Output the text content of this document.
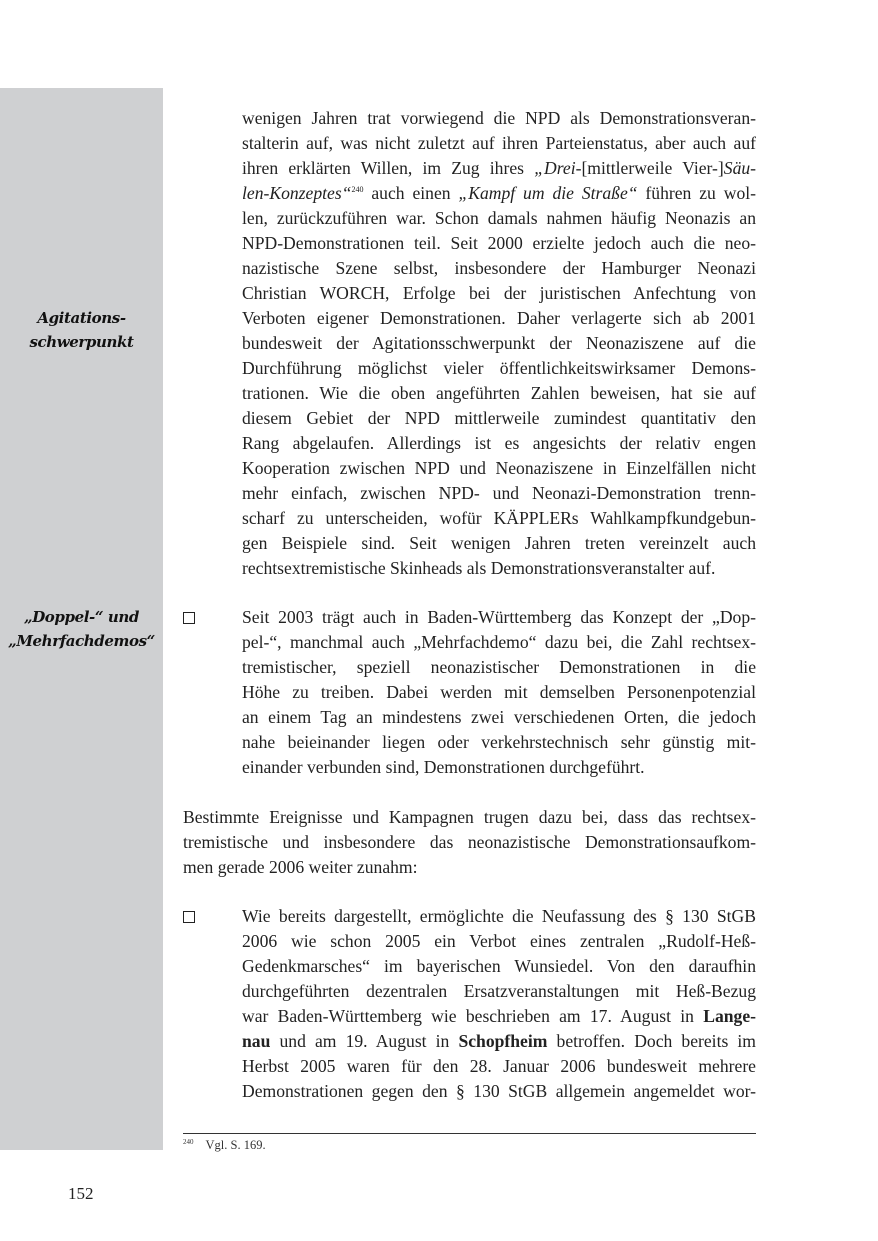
Agitations-
schwerpunkt
„Doppel-“ und
„Mehrfachdemos“
wenigen Jahren trat vorwiegend die NPD als Demonstrationsveran-
stalterin auf, was nicht zuletzt auf ihren Parteienstatus, aber auch auf
ihren erklärten Willen, im Zug ihres „Drei-[mittlerweile Vier-]Säu-
len-Konzeptes“$^{240}$ auch einen „Kampf um die Straße“ führen zu wol-
len, zurückzuführen war. Schon damals nahmen häufig Neonazis an
NPD-Demonstrationen teil. Seit 2000 erzielte jedoch auch die neo-
nazistische Szene selbst, insbesondere der Hamburger Neonazi
Christian WORCH, Erfolge bei der juristischen Anfechtung von
Verboten eigener Demonstrationen. Daher verlagerte sich ab 2001
bundesweit der Agitationsschwerpunkt der Neonaziszene auf die
Durchführung möglichst vieler öffentlichkeitswirksamer Demons-
trationen. Wie die oben angeführten Zahlen beweisen, hat sie auf
diesem Gebiet der NPD mittlerweile zumindest quantitativ den
Rang abgelaufen. Allerdings ist es angesichts der relativ engen
Kooperation zwischen NPD und Neonaziszene in Einzelfällen nicht
mehr einfach, zwischen NPD- und Neonazi-Demonstration trenn-
scharf zu unterscheiden, wofür KÄPPLERs Wahlkampfkundgebun-
gen Beispiele sind. Seit wenigen Jahren treten vereinzelt auch
rechtsextremistische Skinheads als Demonstrationsveranstalter auf.
Seit 2003 trägt auch in Baden-Württemberg das Konzept der „Dop-
pel-“, manchmal auch „Mehrfachdemo“ dazu bei, die Zahl rechtsex-
tremistischer, speziell neonazistischer Demonstrationen in die
Höhe zu treiben. Dabei werden mit demselben Personenpotenzial
an einem Tag an mindestens zwei verschiedenen Orten, die jedoch
nahe beieinander liegen oder verkehrstechnisch sehr günstig mit-
einander verbunden sind, Demonstrationen durchgeführt.
Bestimmte Ereignisse und Kampagnen trugen dazu bei, dass das rechtsex-
tremistische und insbesondere das neonazistische Demonstrationsaufkom-
men gerade 2006 weiter zunahm:
Wie bereits dargestellt, ermöglichte die Neufassung des § 130 StGB
2006 wie schon 2005 ein Verbot eines zentralen „Rudolf-Heß-
Gedenkmarsches“ im bayerischen Wunsiedel. Von den daraufhin
durchgeführten dezentralen Ersatzveranstaltungen mit Heß-Bezug
war Baden-Württemberg wie beschrieben am 17. August in Lange-
nau und am 19. August in Schopfheim betroffen. Doch bereits im
Herbst 2005 waren für den 28. Januar 2006 bundesweit mehrere
Demonstrationen gegen den § 130 StGB allgemein angemeldet wor-
$^{240}$ Vgl. S. 169.
152
